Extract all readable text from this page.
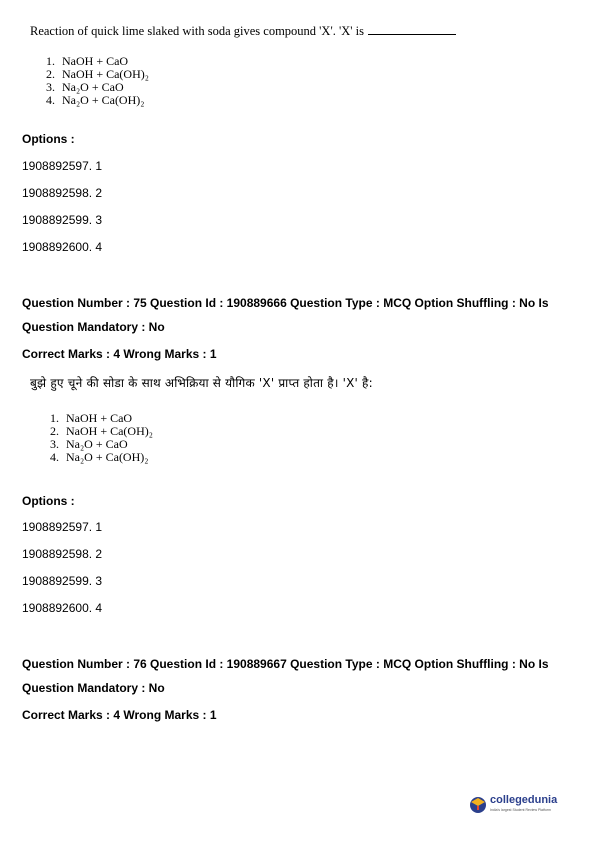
Reaction of quick lime slaked with soda gives compound 'X'. 'X' is
1. NaOH + CaO
2. NaOH + Ca(OH)₂
3. Na₂O + CaO
4. Na₂O + Ca(OH)₂
Options :
1908892597. 1
1908892598. 2
1908892599. 3
1908892600. 4
Question Number : 75 Question Id : 190889666 Question Type : MCQ Option Shuffling : No Is
Question Mandatory : No
Correct Marks : 4 Wrong Marks : 1
बुझे हुए चूने की सोडा के साथ अभिक्रिया से यौगिक 'X' प्राप्त होता है। 'X' है:
1. NaOH + CaO
2. NaOH + Ca(OH)₂
3. Na₂O + CaO
4. Na₂O + Ca(OH)₂
Options :
1908892597. 1
1908892598. 2
1908892599. 3
1908892600. 4
Question Number : 76 Question Id : 190889667 Question Type : MCQ Option Shuffling : No Is
Question Mandatory : No
Correct Marks : 4 Wrong Marks : 1
collegedunia
India's largest Student Review Platform
